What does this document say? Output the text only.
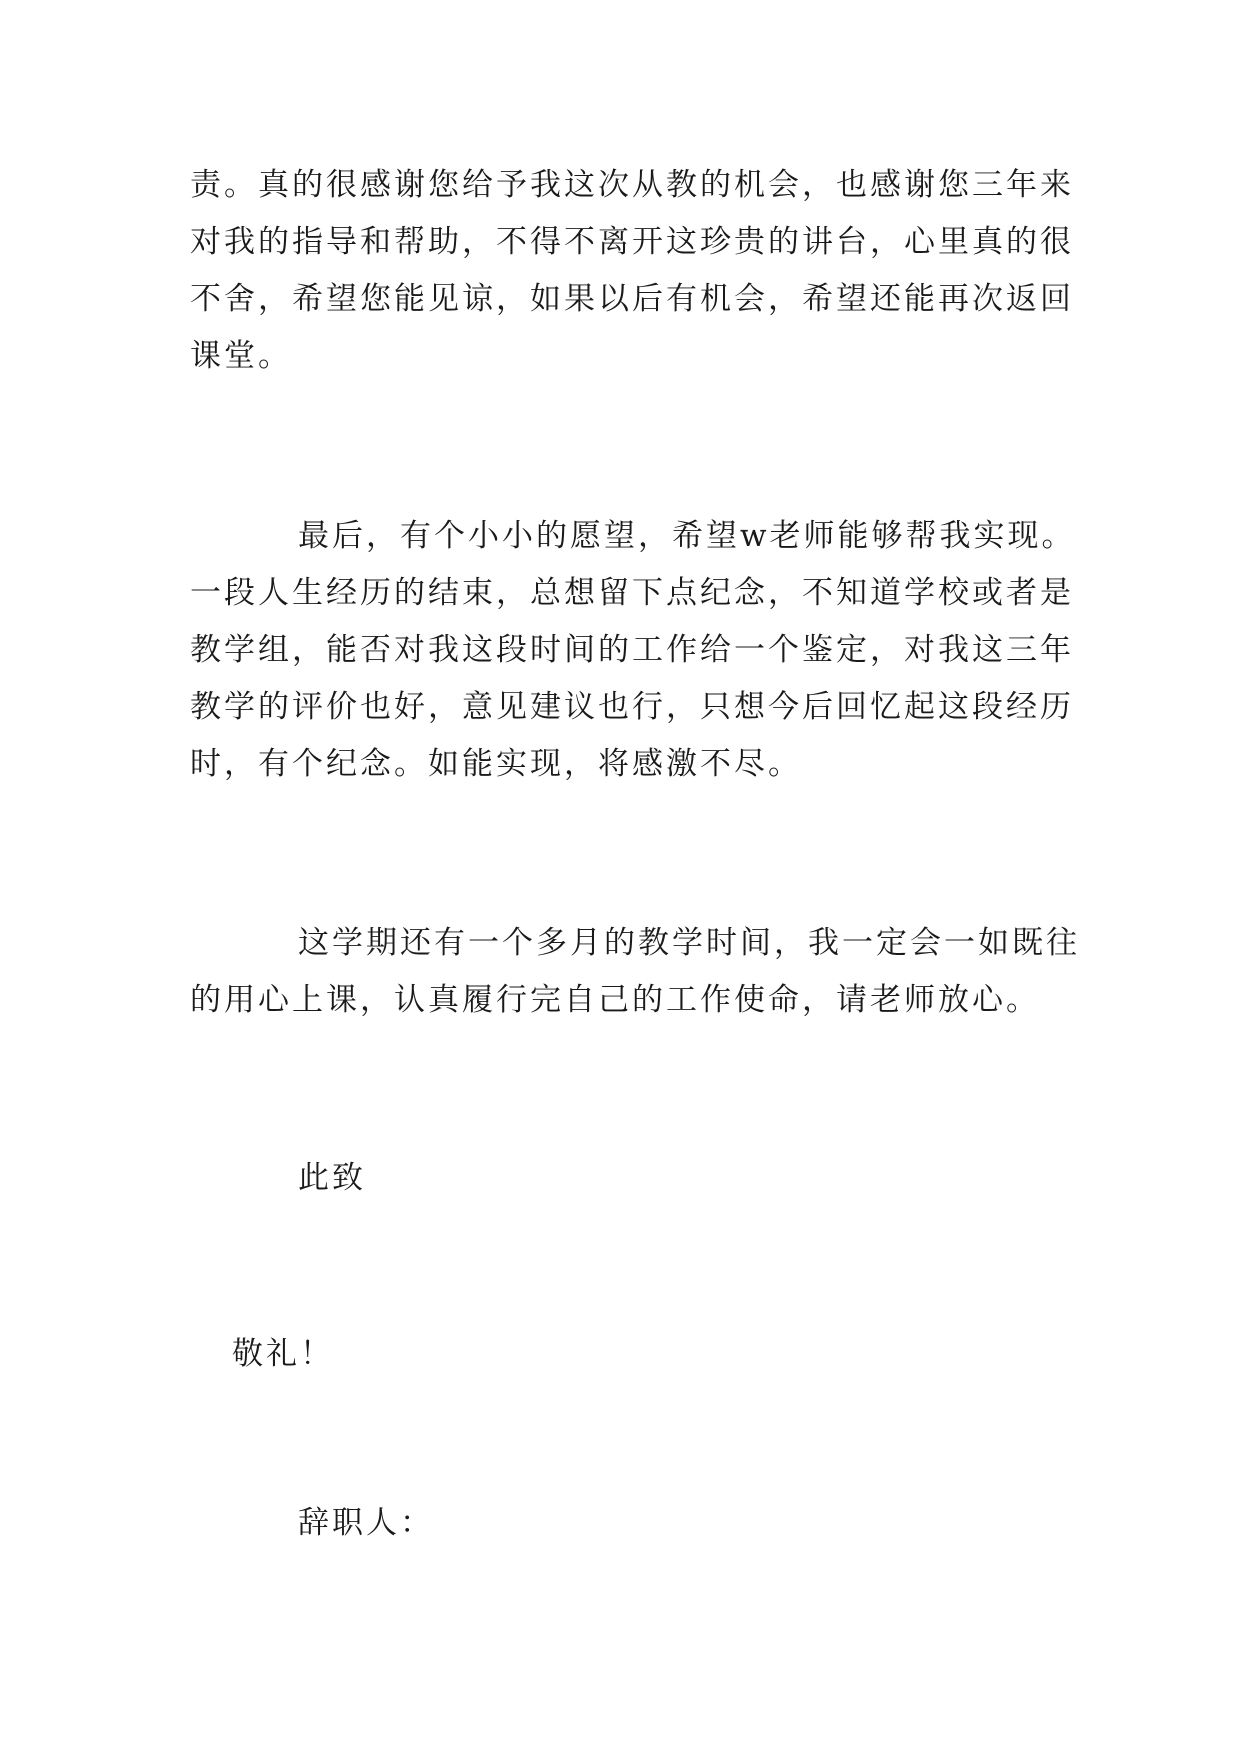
责。真的很感谢您给予我这次从教的机会，也感谢您三年来
对我的指导和帮助，不得不离开这珍贵的讲台，心里真的很
不舍，希望您能见谅，如果以后有机会，希望还能再次返回
课堂。
最后，有个小小的愿望，希望w老师能够帮我实现。
一段人生经历的结束，总想留下点纪念，不知道学校或者是
教学组，能否对我这段时间的工作给一个鉴定，对我这三年
教学的评价也好，意见建议也行，只想今后回忆起这段经历
时，有个纪念。如能实现，将感激不尽。
这学期还有一个多月的教学时间，我一定会一如既往
的用心上课，认真履行完自己的工作使命，请老师放心。
此致
敬礼！
辞职人：
